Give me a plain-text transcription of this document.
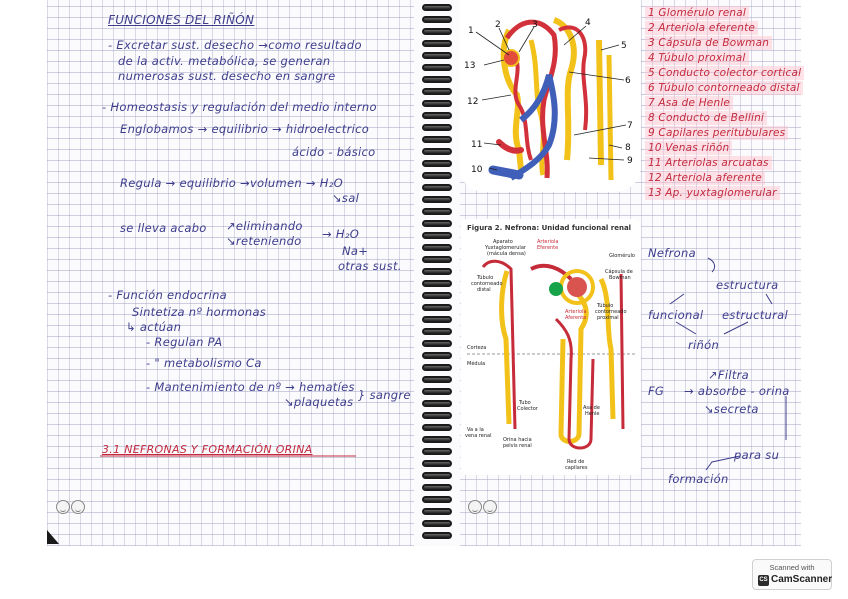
FUNCIONES DEL RIÑÓN
- Excretar sust. desecho →como resultado
de la activ. metabólica, se generan
numerosas sust. desecho en sangre
- Homeostasis y regulación del medio interno
Englobamos → equilibrio → hidroelectrico
ácido - básico
Regula → equilibrio →volumen → H₂O
↘sal
se lleva acabo ↗eliminando
↘reteniendo → H₂O
Na+
otras sust.
- Función endocrina
Sintetiza nº hormonas
↳ actúan
- Regulan PA
- " metabolismo Ca
- Mantenimiento de nº → hematíes
↘plaquetas } sangre
3.1 NEFRONAS Y FORMACIÓN ORINA
1
2	3	4
5
6
7
8
9
10
11
12
13
1 Glomérulo renal
2 Arteriola eferente
3 Cápsula de Bowman
4 Túbulo proximal
5 Conducto colector cortical
6 Túbulo contorneado distal
7 Asa de Henle
8 Conducto de Bellini
9 Capilares peritubulares
10 Venas riñón
11 Arteriolas arcuatas
12 Arteriola aferente
13 Ap. yuxtaglomerular
Figura 2. Nefrona: Unidad funcional renal
Aparato
Yuxtaglomerular
(mácula densa)
Arteriola
Eferente
Glomérulo
Cápsula de
Bowman
Túbulo
contorneado
distal
Túbulo
contorneado
proximal
Arteriola
Aferente
Corteza
Médula
Tubo
Colector	Asa de
Henle
Va a la
vena renal
Orina hacia
pelvis renal
Red de
capilares
Nefrona
estructura
funcional estructural
riñón
↗Filtra
FG → absorbe - orina
↘secreta
para su
formación
Scanned with
CS CamScanner
